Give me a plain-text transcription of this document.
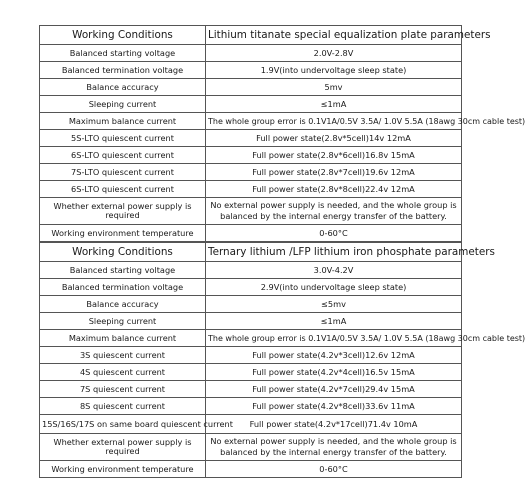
Working Conditions	Lithium titanate special equalization plate parameters
Balanced starting voltage	2.0V-2.8V
Balanced termination voltage	1.9V(into undervoltage sleep state)
Balance accuracy	5mv
Sleeping current	≤1mA
Maximum balance current	The whole group error is 0.1V1A/0.5V 3.5A/ 1.0V 5.5A (18awg 30cm cable test)
5S-LTO quiescent current	Full power state(2.8v*5cell)14v 12mA
6S-LTO quiescent current	Full power state(2.8v*6cell)16.8v 15mA
7S-LTO quiescent current	Full power state(2.8v*7cell)19.6v 12mA
6S-LTO quiescent current	Full power state(2.8v*8cell)22.4v 12mA
Whether external power supply is required	No external power supply is needed, and the whole group is balanced by the internal energy transfer of the battery.
Working environment temperature	0-60°C
Working Conditions	Ternary lithium /LFP lithium iron phosphate parameters
Balanced starting voltage	3.0V-4.2V
Balanced termination voltage	2.9V(into undervoltage sleep state)
Balance accuracy	≤5mv
Sleeping current	≤1mA
Maximum balance current	The whole group error is 0.1V1A/0.5V 3.5A/ 1.0V 5.5A (18awg 30cm cable test)
3S quiescent current	Full power state(4.2v*3cell)12.6v 12mA
4S quiescent current	Full power state(4.2v*4cell)16.5v 15mA
7S quiescent current	Full power state(4.2v*7cell)29.4v 15mA
8S quiescent current	Full power state(4.2v*8cell)33.6v 11mA
15S/16S/17S on same board quiescent current	Full power state(4.2v*17cell)71.4v 10mA
Whether external power supply is required	No external power supply is needed, and the whole group is balanced by the internal energy transfer of the battery.
Working environment temperature	0-60°C
